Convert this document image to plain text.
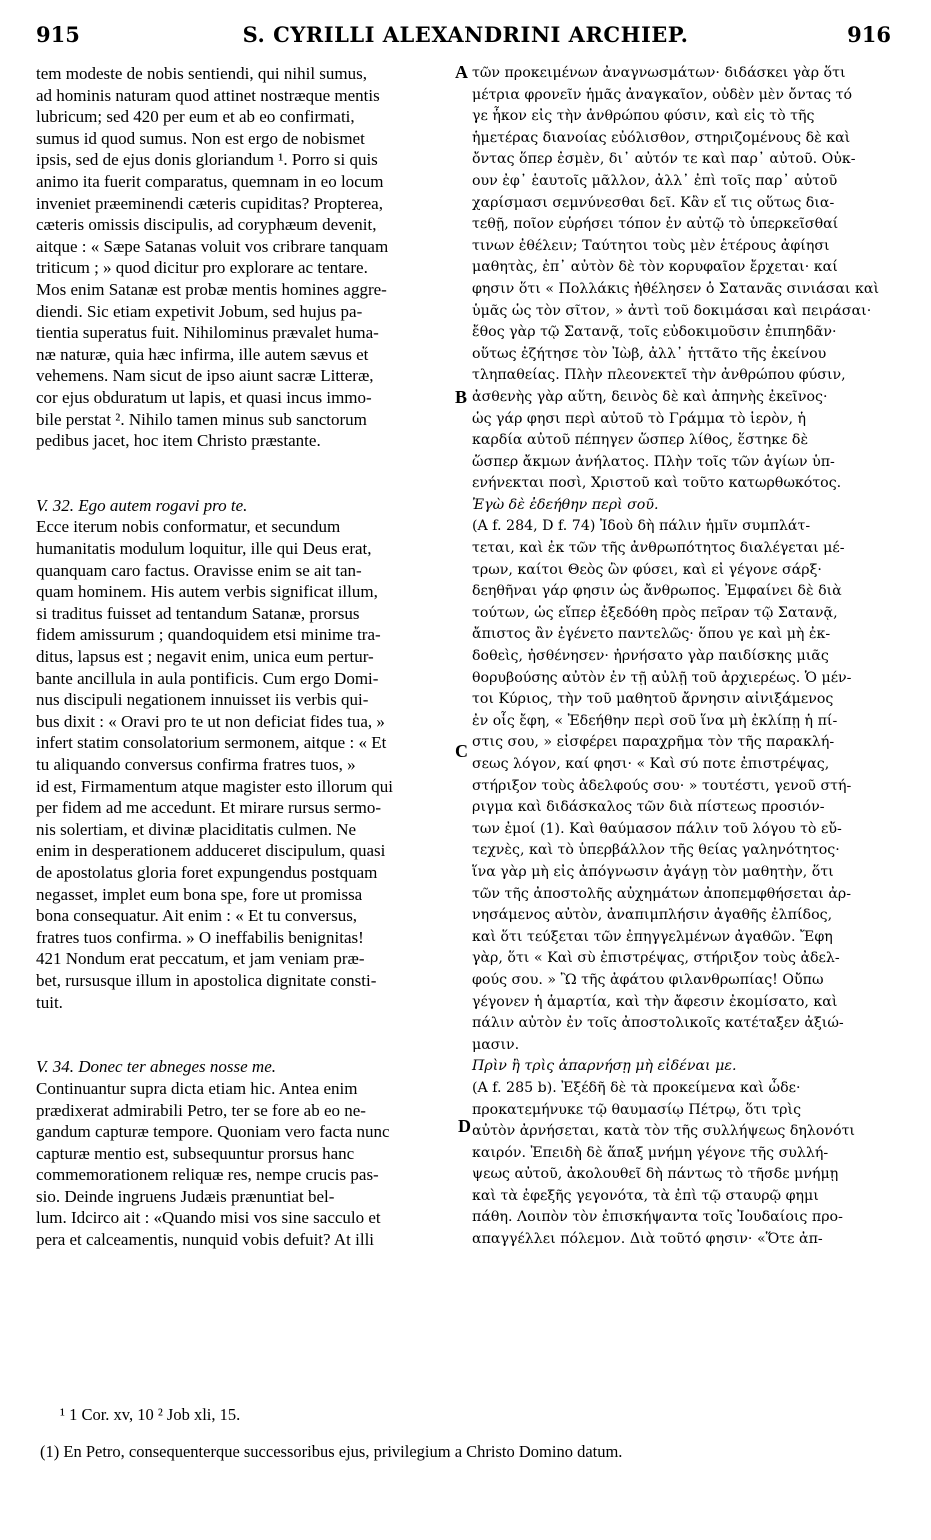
915	S. CYRILLI ALEXANDRINI ARCHIEP.	916
A
B
C
D

tem modeste de nobis sentiendi, qui nihil sumus,

ad hominis naturam quod attinet nostræque mentis

lubricum; sed 420 per eum et ab eo confirmati,

sumus id quod sumus. Non est ergo de nobismet

ipsis, sed de ejus donis gloriandum ¹. Porro si quis

animo ita fuerit comparatus, quemnam in eo locum

inveniet præeminendi cæteris cupiditas? Propterea,

cæteris omissis discipulis, ad coryphæum devenit,

aitque : « Sæpe Satanas voluit vos cribrare tanquam

triticum ; » quod dicitur pro explorare ac tentare.

Mos enim Satanæ est probæ mentis homines aggre-

diendi. Sic etiam expetivit Jobum, sed hujus pa-

tientia superatus fuit. Nihilominus prævalet huma-

næ naturæ, quia hæc infirma, ille autem sævus et

vehemens. Nam sicut de ipso aiunt sacræ Litteræ,

cor ejus obduratum ut lapis, et quasi incus immo-

bile perstat ². Nihilo tamen minus sub sanctorum

pedibus jacet, hoc item Christo præstante.

V. 32. Ego autem rogavi pro te.

Ecce iterum nobis conformatur, et secundum

humanitatis modulum loquitur, ille qui Deus erat,

quanquam caro factus. Oravisse enim se ait tan-

quam hominem. His autem verbis significat illum,

si traditus fuisset ad tentandum Satanæ, prorsus

fidem amissurum ; quandoquidem etsi minime tra-

ditus, lapsus est ; negavit enim, unica eum pertur-

bante ancillula in aula pontificis. Cum ergo Domi-

nus discipuli negationem innuisset iis verbis qui-

bus dixit : « Oravi pro te ut non deficiat fides tua, »

infert statim consolatorium sermonem, aitque : « Et

tu aliquando conversus confirma fratres tuos, »

id est, Firmamentum atque magister esto illorum qui

per fidem ad me accedunt. Et mirare rursus sermo-

nis solertiam, et divinæ placiditatis culmen. Ne

enim in desperationem adduceret discipulum, quasi

de apostolatus gloria foret expungendus postquam

negasset, implet eum bona spe, fore ut promissa

bona consequatur. Ait enim : « Et tu conversus,

fratres tuos confirma. » O ineffabilis benignitas!

421 Nondum erat peccatum, et jam veniam præ-

bet, rursusque illum in apostolica dignitate consti-

tuit.

V. 34. Donec ter abneges nosse me.

Continuantur supra dicta etiam hic. Antea enim

prædixerat admirabili Petro, ter se fore ab eo ne-

gandum capturæ tempore. Quoniam vero facta nunc

capturæ mentio est, subsequuntur prorsus hanc

commemorationem reliquæ res, nempe crucis pas-

sio. Deinde ingruens Judæis prænuntiat bel-

lum. Idcirco ait : «Quando misi vos sine sacculo et

pera et calceamentis, nunquid vobis defuit? At illi

τῶν προκειμένων ἀναγνωσμάτων· διδάσκει γὰρ ὅτι

μέτρια φρονεῖν ἡμᾶς ἀναγκαῖον, οὐδὲν μὲν ὄντας τό

γε ἧκον εἰς τὴν ἀνθρώπου φύσιν, καὶ εἰς τὸ τῆς

ἡμετέρας διανοίας εὐόλισθον, στηριζομένους δὲ καὶ

ὄντας ὅπερ ἐσμὲν, δι᾽ αὐτόν τε καὶ παρ᾽ αὐτοῦ. Οὐκ-

ουν ἐφ᾽ ἑαυτοῖς μᾶλλον, ἀλλ᾽ ἐπὶ τοῖς παρ᾽ αὐτοῦ

χαρίσμασι σεμνύνεσθαι δεῖ. Κἂν εἴ τις οὕτως δια-

τεθῇ, ποῖον εὑρήσει τόπον ἐν αὐτῷ τὸ ὑπερκεῖσθαί

τινων ἐθέλειν; Ταύτητοι τοὺς μὲν ἑτέρους ἀφίησι

μαθητὰς, ἐπ᾽ αὐτὸν δὲ τὸν κορυφαῖον ἔρχεται· καί

φησιν ὅτι « Πολλάκις ἠθέλησεν ὁ Σατανᾶς σινιάσαι καὶ

ὑμᾶς ὡς τὸν σῖτον, » ἀντὶ τοῦ δοκιμάσαι καὶ πειράσαι·

ἔθος γὰρ τῷ Σατανᾷ, τοῖς εὐδοκιμοῦσιν ἐπιπηδᾶν·

οὕτως ἐζήτησε τὸν Ἰὼβ, ἀλλ᾽ ἡττᾶτο τῆς ἐκείνου

τληπαθείας. Πλὴν πλεονεκτεῖ τὴν ἀνθρώπου φύσιν,

ἀσθενὴς γὰρ αὕτη, δεινὸς δὲ καὶ ἀπηνὴς ἐκεῖνος·

ὡς γάρ φησι περὶ αὐτοῦ τὸ Γράμμα τὸ ἱερὸν, ἡ

καρδία αὐτοῦ πέπηγεν ὥσπερ λίθος, ἕστηκε δὲ

ὥσπερ ἄκμων ἀνήλατος. Πλὴν τοῖς τῶν ἁγίων ὑπ-

ενήνεκται ποσὶ, Χριστοῦ καὶ τοῦτο κατωρθωκότος.

Ἐγὼ δὲ ἐδεήθην περὶ σοῦ.

(A f. 284, D f. 74) Ἰδοὺ δὴ πάλιν ἡμῖν συμπλάτ-

τεται, καὶ ἐκ τῶν τῆς ἀνθρωπότητος διαλέγεται μέ-

τρων, καίτοι Θεὸς ὢν φύσει, καὶ εἰ γέγονε σάρξ·

δεηθῆναι γάρ φησιν ὡς ἄνθρωπος. Ἐμφαίνει δὲ διὰ

τούτων, ὡς εἴπερ ἐξεδόθη πρὸς πεῖραν τῷ Σατανᾷ,

ἄπιστος ἂν ἐγένετο παντελῶς· ὅπου γε καὶ μὴ ἐκ-

δοθεὶς, ἠσθένησεν· ἠρνήσατο γὰρ παιδίσκης μιᾶς

θορυβούσης αὐτὸν ἐν τῇ αὐλῇ τοῦ ἀρχιερέως. Ὁ μέν-

τοι Κύριος, τὴν τοῦ μαθητοῦ ἄρνησιν αἰνιξάμενος

ἐν οἷς ἔφη, « Ἐδεήθην περὶ σοῦ ἵνα μὴ ἐκλίπῃ ἡ πί-

στις σου, » εἰσφέρει παραχρῆμα τὸν τῆς παρακλή-

σεως λόγον, καί φησι· « Καὶ σύ ποτε ἐπιστρέψας,

στήριξον τοὺς ἀδελφούς σου· » τουτέστι, γενοῦ στή-

ριγμα καὶ διδάσκαλος τῶν διὰ πίστεως προσιόν-

των ἐμοί (1). Καὶ θαύμασον πάλιν τοῦ λόγου τὸ εὔ-

τεχνὲς, καὶ τὸ ὑπερβάλλον τῆς θείας γαληνότητος·

ἵνα γὰρ μὴ εἰς ἀπόγνωσιν ἀγάγῃ τὸν μαθητὴν, ὅτι

τῶν τῆς ἀποστολῆς αὐχημάτων ἀποπεμφθήσεται ἀρ-

νησάμενος αὐτὸν, ἀναπιμπλήσιν ἀγαθῆς ἐλπίδος,

καὶ ὅτι τεύξεται τῶν ἐπηγγελμένων ἀγαθῶν. Ἔφη

γὰρ, ὅτι « Καὶ σὺ ἐπιστρέψας, στήριξον τοὺς ἀδελ-

φούς σου. » Ὢ τῆς ἀφάτου φιλανθρωπίας! Οὔπω

γέγονεν ἡ ἁμαρτία, καὶ τὴν ἄφεσιν ἐκομίσατο, καὶ

πάλιν αὐτὸν ἐν τοῖς ἀποστολικοῖς κατέταξεν ἀξιώ-

μασιν.

Πρὶν ἢ τρὶς ἀπαρνήσῃ μὴ εἰδέναι με.

(A f. 285 b). Ἐξέδῆ δὲ τὰ προκείμενα καὶ ὧδε·

προκατεμήνυκε τῷ θαυμασίῳ Πέτρῳ, ὅτι τρὶς

αὐτὸν ἀρνήσεται, κατὰ τὸν τῆς συλλήψεως δηλονότι

καιρόν. Ἐπειδὴ δὲ ἅπαξ μνήμη γέγονε τῆς συλλή-

ψεως αὐτοῦ, ἀκολουθεῖ δὴ πάντως τὸ τῆσδε μνήμῃ

καὶ τὰ ἐφεξῆς γεγονότα, τὰ ἐπὶ τῷ σταυρῷ φημι

πάθη. Λοιπὸν τὸν ἐπισκήψαντα τοῖς Ἰουδαίοις προ-

απαγγέλλει πόλεμον. Διὰ τοῦτό φησιν· «Ὅτε ἀπ-

¹ 1 Cor. xv, 10 ² Job xli, 15.
(1) En Petro, consequenterque successoribus ejus, privilegium a Christo Domino datum.
